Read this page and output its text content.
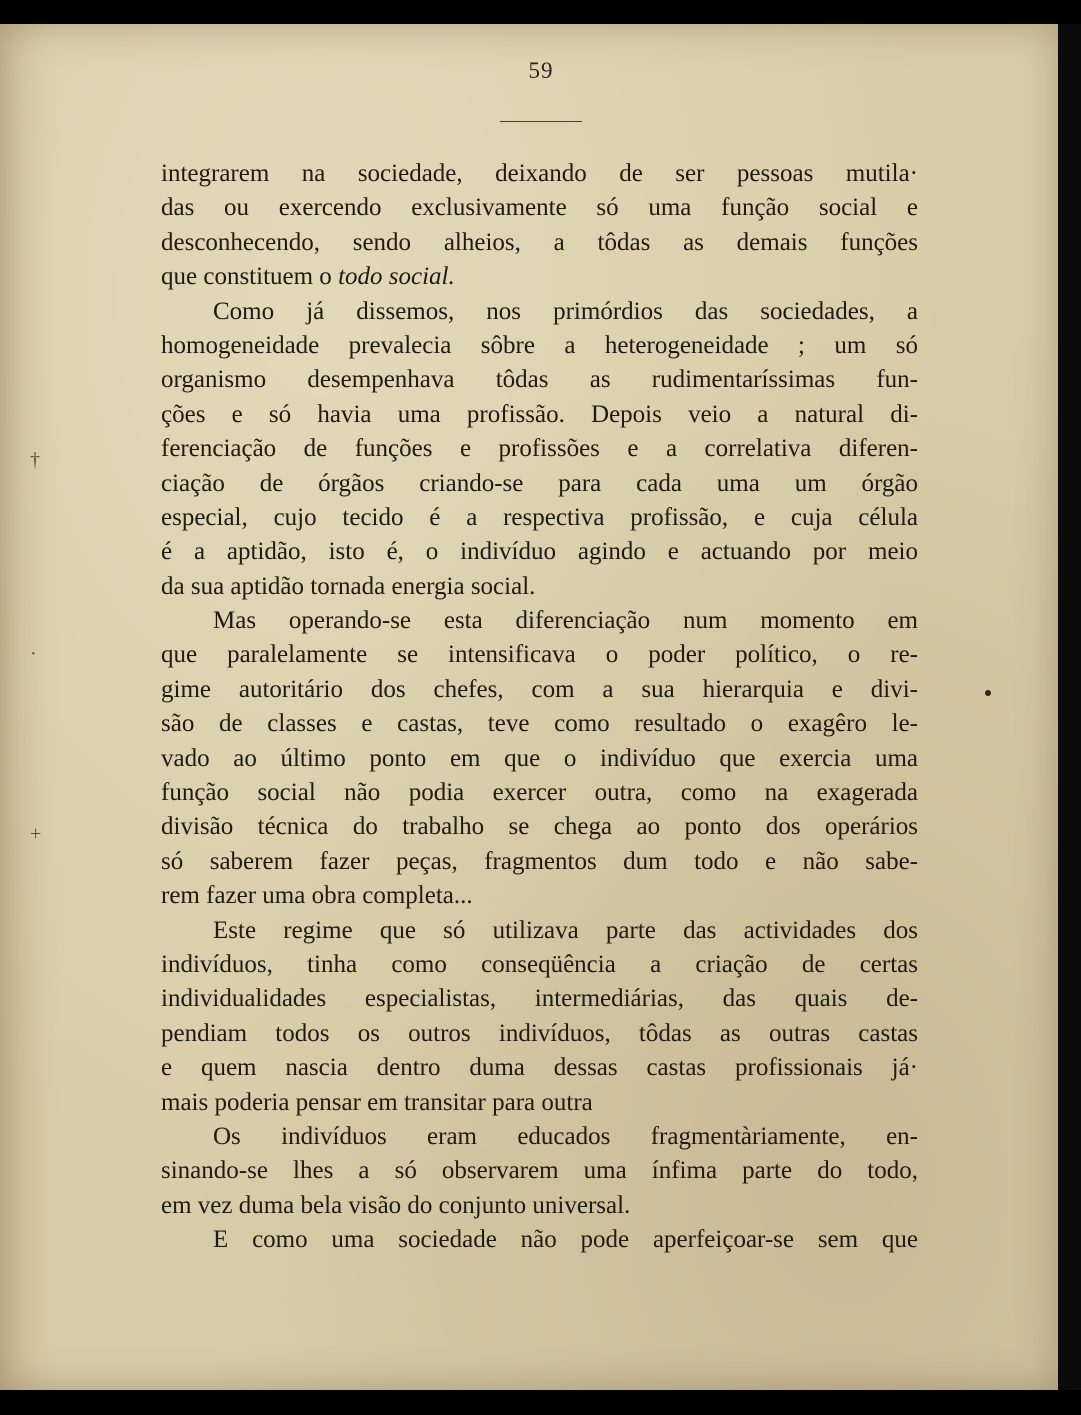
†
·
+
59
integrarem na sociedade, deixando de ser pessoas mutila·
das ou exercendo exclusivamente só uma função social e
desconhecendo, sendo alheios, a tôdas as demais funções
que constituem o todo social.
Como já dissemos, nos primórdios das sociedades, a
homogeneidade prevalecia sôbre a heterogeneidade ; um só
organismo desempenhava tôdas as rudimentaríssimas fun-
ções e só havia uma profissão. Depois veio a natural di-
ferenciação de funções e profissões e a correlativa diferen-
ciação de órgãos criando-se para cada uma um órgão
especial, cujo tecido é a respectiva profissão, e cuja célula
é a aptidão, isto é, o indivíduo agindo e actuando por meio
da sua aptidão tornada energia social.
Mas operando-se esta diferenciação num momento em
que paralelamente se intensificava o poder político, o re-
gime autoritário dos chefes, com a sua hierarquia e divi-
são de classes e castas, teve como resultado o exagêro le-
vado ao último ponto em que o indivíduo que exercia uma
função social não podia exercer outra, como na exagerada
divisão técnica do trabalho se chega ao ponto dos operários
só saberem fazer peças, fragmentos dum todo e não sabe-
rem fazer uma obra completa...
Este regime que só utilizava parte das actividades dos
indivíduos, tinha como conseqüência a criação de certas
individualidades especialistas, intermediárias, das quais de-
pendiam todos os outros indivíduos, tôdas as outras castas
e quem nascia dentro duma dessas castas profissionais já·
mais poderia pensar em transitar para outra
Os indivíduos eram educados fragmentàriamente, en-
sinando-se lhes a só observarem uma ínfima parte do todo,
em vez duma bela visão do conjunto universal.
E como uma sociedade não pode aperfeiçoar-se sem que
